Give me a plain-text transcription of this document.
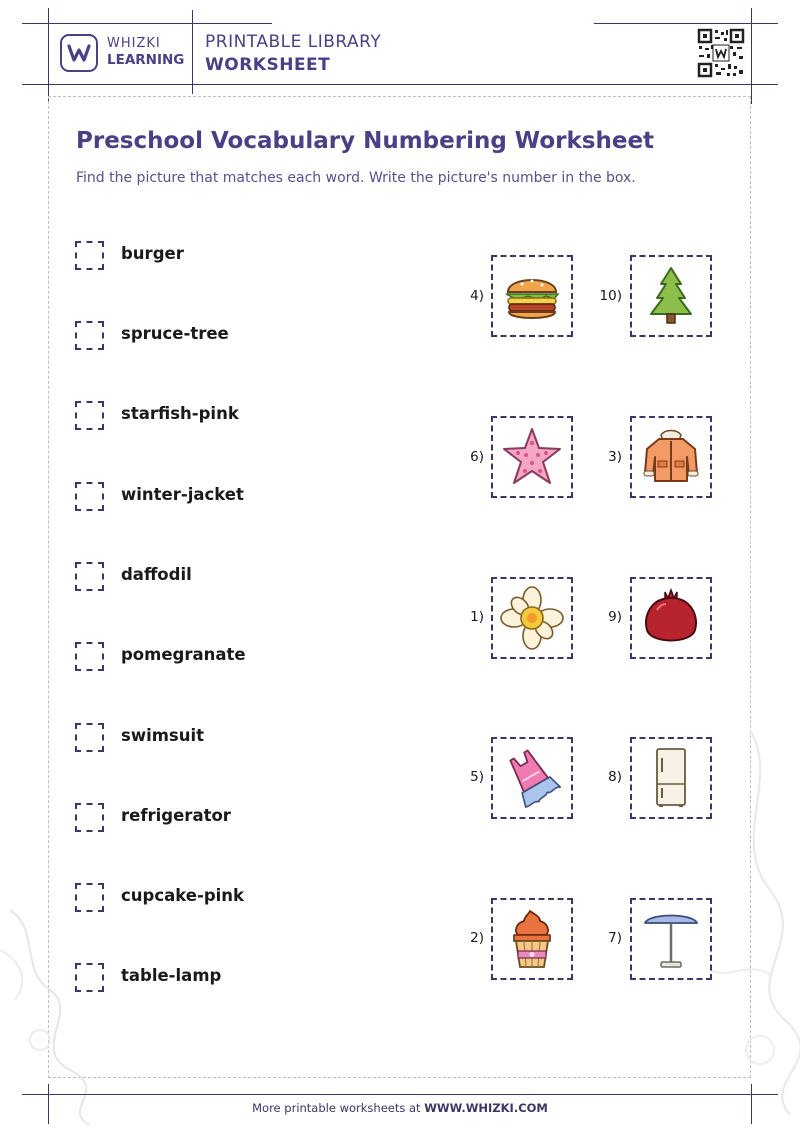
WHIZKI
LEARNING
PRINTABLE LIBRARY
WORKSHEET
Preschool Vocabulary Numbering Worksheet
Find the picture that matches each word. Write the picture's number in the box.
burger
spruce-tree
starfish-pink
winter-jacket
daffodil
pomegranate
swimsuit
refrigerator
cupcake-pink
table-lamp
4)	10)
6)	3)
1)	9)
5)	8)
2)	7)
More printable worksheets at WWW.WHIZKI.COM
